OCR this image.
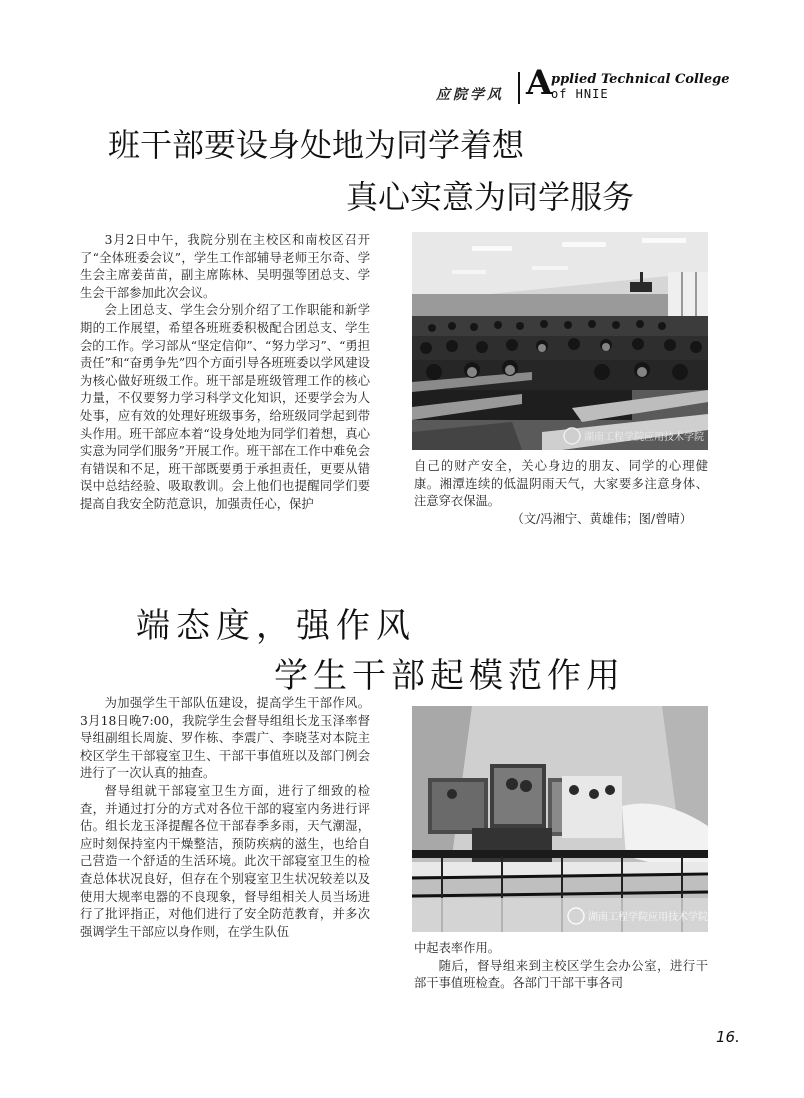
应院学风 A
pplied Technical College
of HNIE
班干部要设身处地为同学着想
真心实意为同学服务

3月2日中午，我院分别在主校区和南校区召开了“全体班委会议”，学生工作部辅导老师王尔奇、学生会主席姜苗苗，副主席陈林、吴明强等团总支、学生会干部参加此次会议。

会上团总支、学生会分别介绍了工作职能和新学期的工作展望，希望各班班委积极配合团总支、学生会的工作。学习部从“坚定信仰”、“努力学习”、“勇担责任”和“奋勇争先”四个方面引导各班班委以学风建设为核心做好班级工作。班干部是班级管理工作的核心力量，不仅要努力学习科学文化知识，还要学会为人处事，应有效的处理好班级事务，给班级同学起到带头作用。班干部应本着“设身处地为同学们着想，真心实意为同学们服务”开展工作。班干部在工作中难免会有错误和不足，班干部既要勇于承担责任，更要从错误中总结经验、吸取教训。会上他们也提醒同学们要提高自我安全防范意识，加强责任心，保护

湖南工程学院应用技术学院

自己的财产安全，关心身边的朋友、同学的心理健康。湘潭连续的低温阴雨天气，大家要多注意身体、注意穿衣保温。

（文/冯湘宁、黄雄伟；图/曾晴）

端态度，强作风
学生干部起模范作用

为加强学生干部队伍建设，提高学生干部作风。3月18日晚7:00，我院学生会督导组组长龙玉泽率督导组副组长周旋、罗作栋、李震广、李晓茎对本院主校区学生干部寝室卫生、干部干事值班以及部门例会进行了一次认真的抽查。

督导组就干部寝室卫生方面，进行了细致的检查，并通过打分的方式对各位干部的寝室内务进行评估。组长龙玉泽提醒各位干部春季多雨，天气潮湿，应时刻保持室内干燥整洁，预防疾病的滋生，也给自己营造一个舒适的生活环境。此次干部寝室卫生的检查总体状况良好，但存在个别寝室卫生状况较差以及使用大规率电器的不良现象，督导组相关人员当场进行了批评指正，对他们进行了安全防范教育，并多次强调学生干部应以身作则，在学生队伍

湖南工程学院应用技术学院

中起表率作用。

随后，督导组来到主校区学生会办公室，进行干部干事值班检查。各部门干部干事各司

16.
